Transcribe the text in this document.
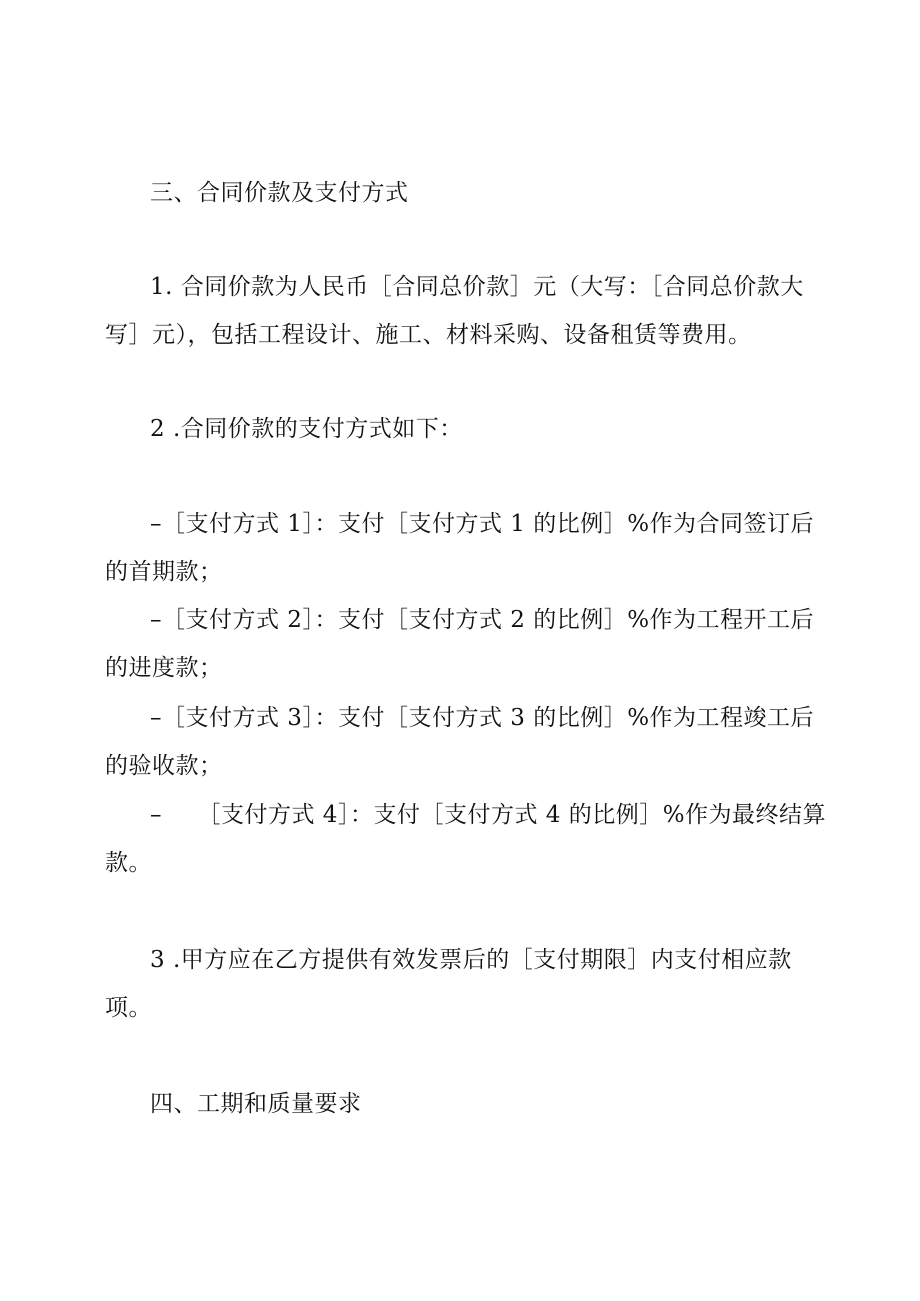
三、合同价款及支付方式
1. 合同价款为人民币［合同总价款］元（大写：［合同总价款大
写］元），包括工程设计、施工、材料采购、设备租赁等费用。
2 .合同价款的支付方式如下：
–［支付方式 1］：支付［支付方式 1 的比例］%作为合同签订后
的首期款；
–［支付方式 2］：支付［支付方式 2 的比例］%作为工程开工后
的进度款；
–［支付方式 3］：支付［支付方式 3 的比例］%作为工程竣工后
的验收款；
–　　［支付方式 4］：支付［支付方式 4 的比例］%作为最终结算
款。
3 .甲方应在乙方提供有效发票后的［支付期限］内支付相应款
项。
四、工期和质量要求
